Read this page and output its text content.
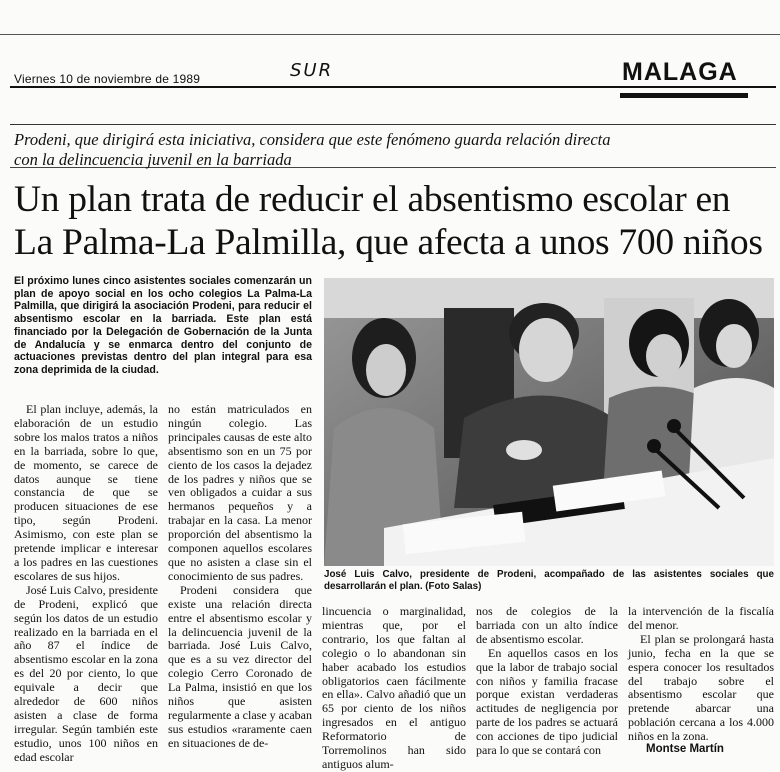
Viernes 10 de noviembre de 1989	SUR	MALAGA
Prodeni, que dirigirá esta iniciativa, considera que este fenómeno guarda relación directa con la delincuencia juvenil en la barriada
Un plan trata de reducir el absentismo escolar en La Palma-La Palmilla, que afecta a unos 700 niños
El próximo lunes cinco asistentes sociales comenzarán un plan de apoyo social en los ocho colegios La Palma-La Palmilla, que dirigirá la asociación Prodeni, para reducir el absentismo escolar en la barriada. Este plan está financiado por la Delegación de Gobernación de la Junta de Andalucía y se enmarca dentro del conjunto de actuaciones previstas dentro del plan integral para esa zona deprimida de la ciudad.

El plan incluye, además, la elaboración de un estudio sobre los malos tratos a niños en la barriada, sobre lo que, de momento, se carece de datos aunque se tiene constancia de que se producen situaciones de ese tipo, según Prodeni. Asimismo, con este plan se pretende implicar e interesar a los padres en las cuestiones escolares de sus hijos.

José Luis Calvo, presidente de Prodeni, explicó que según los datos de un estudio realizado en la barriada en el año 87 el índice de absentismo escolar en la zona es del 20 por ciento, lo que equivale a decir que alrededor de 600 niños asisten a clase de forma irregular. Según también este estudio, unos 100 niños en edad escolar

no están matriculados en ningún colegio. Las principales causas de este alto absentismo son en un 75 por ciento de los casos la dejadez de los padres y niños que se ven obligados a cuidar a sus hermanos pequeños y a trabajar en la casa. La menor proporción del absentismo la componen aquellos escolares que no asisten a clase sin el conocimiento de sus padres.

Prodeni considera que existe una relación directa entre el absentismo escolar y la delincuencia juvenil de la barriada. José Luis Calvo, que es a su vez director del colegio Cerro Coronado de La Palma, insistió en que los niños que asisten regularmente a clase y acaban sus estudios «raramente caen en situaciones de de-

José Luis Calvo, presidente de Prodeni, acompañado de las asistentes sociales que desarrollarán el plan. (Foto Salas)

lincuencia o marginalidad, mientras que, por el contrario, los que faltan al colegio o lo abandonan sin haber acabado los estudios obligatorios caen fácilmente en ella». Calvo añadió que un 65 por ciento de los niños ingresados en el antiguo Reformatorio de Torremolinos han sido antiguos alum-

nos de colegios de la barriada con un alto índice de absentismo escolar.

En aquellos casos en los que la labor de trabajo social con niños y familia fracase porque existan verdaderas actitudes de negligencia por parte de los padres se actuará con acciones de tipo judicial para lo que se contará con

la intervención de la fiscalía del menor.

El plan se prolongará hasta junio, fecha en la que se espera conocer los resultados del trabajo sobre el absentismo escolar que pretende abarcar una población cercana a los 4.000 niños en la zona.

Montse Martín
